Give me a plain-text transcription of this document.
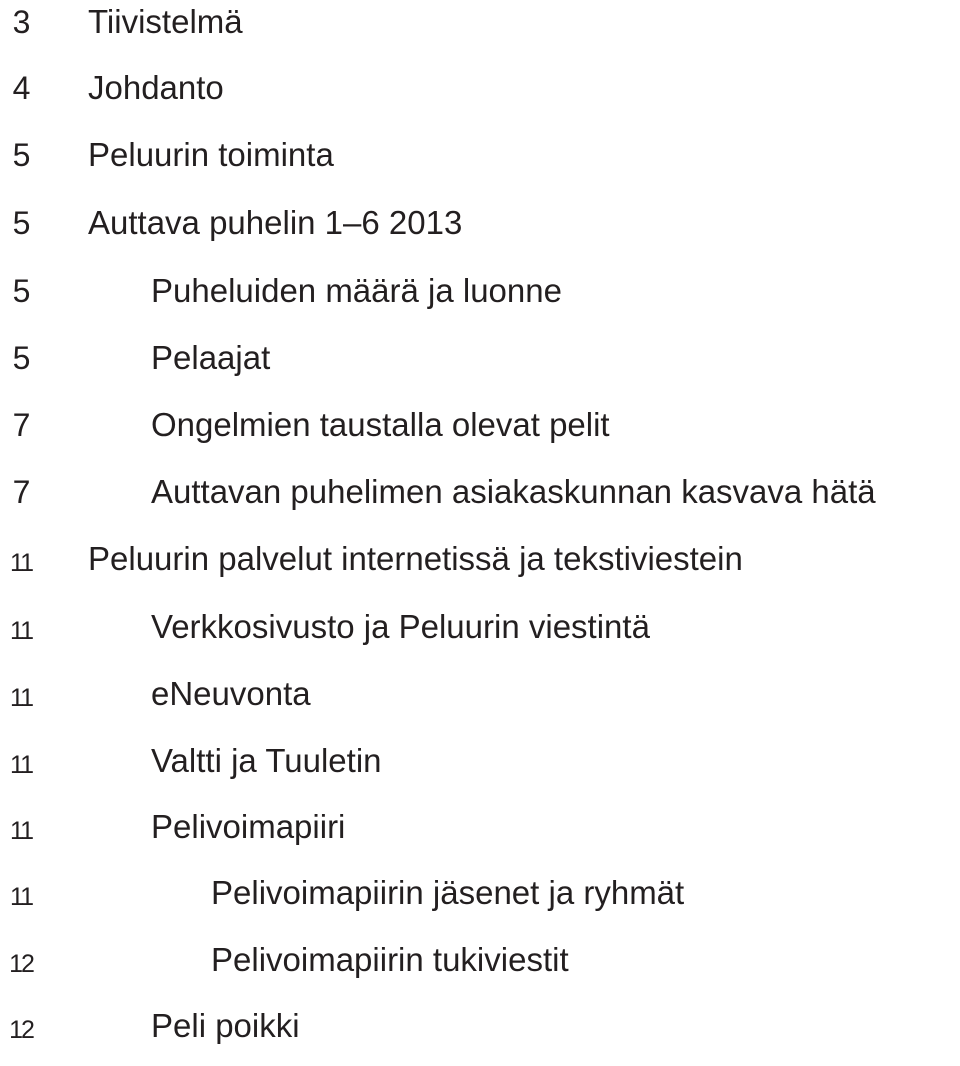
3	Tiivistelmä
4	Johdanto
5	Peluurin toiminta
5	Auttava puhelin 1–6 2013
5	Puheluiden määrä ja luonne
5	Pelaajat
7	Ongelmien taustalla olevat pelit
7	Auttavan puhelimen asiakaskunnan kasvava hätä
11	Peluurin palvelut internetissä ja tekstiviestein
11	Verkkosivusto ja Peluurin viestintä
11	eNeuvonta
11	Valtti ja Tuuletin
11	Pelivoimapiiri
11	Pelivoimapiirin jäsenet ja ryhmät
12	Pelivoimapiirin tukiviestit
12	Peli poikki
